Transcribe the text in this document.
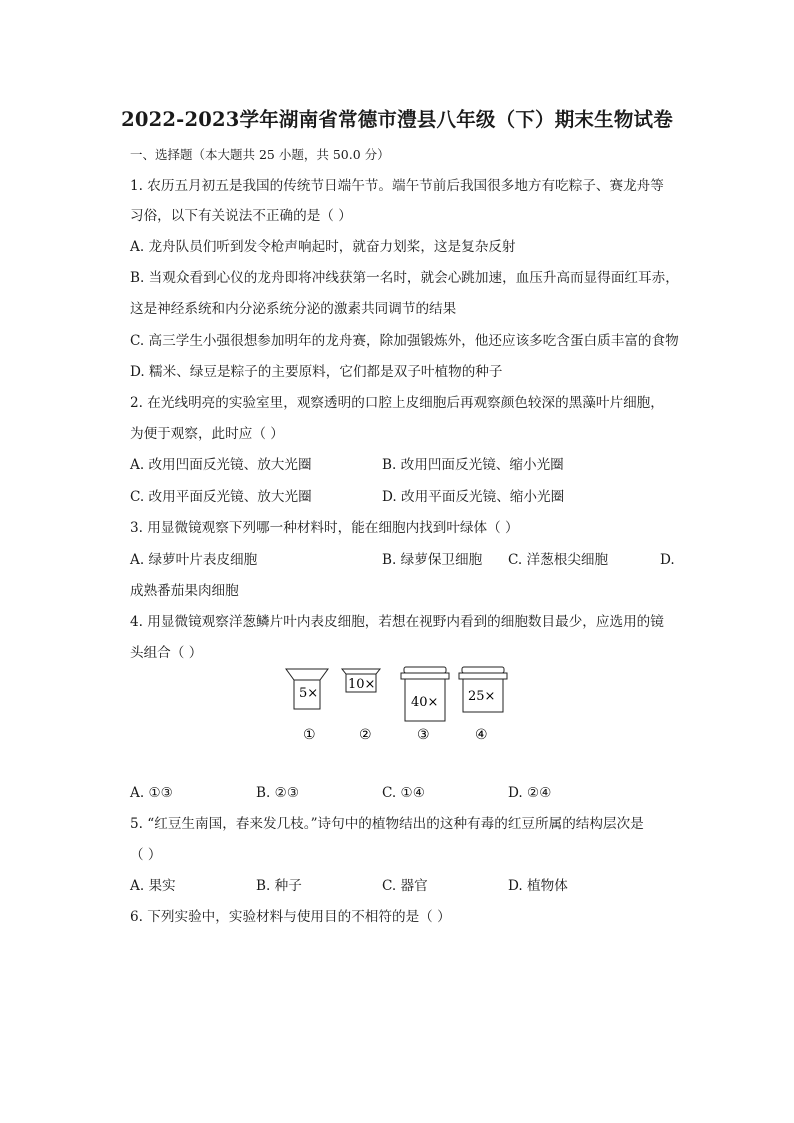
2022-2023学年湖南省常德市澧县八年级（下）期末生物试卷
一、选择题（本大题共 25 小题，共 50.0 分）
1. 农历五月初五是我国的传统节日端午节。端午节前后我国很多地方有吃粽子、赛龙舟等
习俗，以下有关说法不正确的是（ ）
A. 龙舟队员们听到发令枪声响起时，就奋力划桨，这是复杂反射
B. 当观众看到心仪的龙舟即将冲线获第一名时，就会心跳加速，血压升高而显得面红耳赤，
这是神经系统和内分泌系统分泌的激素共同调节的结果
C. 高三学生小强很想参加明年的龙舟赛，除加强锻炼外，他还应该多吃含蛋白质丰富的食物
D. 糯米、绿豆是粽子的主要原料，它们都是双子叶植物的种子
2. 在光线明亮的实验室里，观察透明的口腔上皮细胞后再观察颜色较深的黑藻叶片细胞，
为便于观察，此时应（ ）
A. 改用凹面反光镜、放大光圈	B. 改用凹面反光镜、缩小光圈
C. 改用平面反光镜、放大光圈	D. 改用平面反光镜、缩小光圈
3. 用显微镜观察下列哪一种材料时，能在细胞内找到叶绿体（ ）
A. 绿萝叶片表皮细胞	B. 绿萝保卫细胞 C. 洋葱根尖细胞	D.
成熟番茄果肉细胞
4. 用显微镜观察洋葱鳞片叶内表皮细胞，若想在视野内看到的细胞数目最少，应选用的镜
头组合（ ）
5×
10×
40× 25×
①	②	③	④
A. ①③	B. ②③	C. ①④	D. ②④
5. “红豆生南国，春来发几枝。”诗句中的植物结出的这种有毒的红豆所属的结构层次是
（ ）
A. 果实	B. 种子	C. 器官	D. 植物体
6. 下列实验中，实验材料与使用目的不相符的是（ ）
